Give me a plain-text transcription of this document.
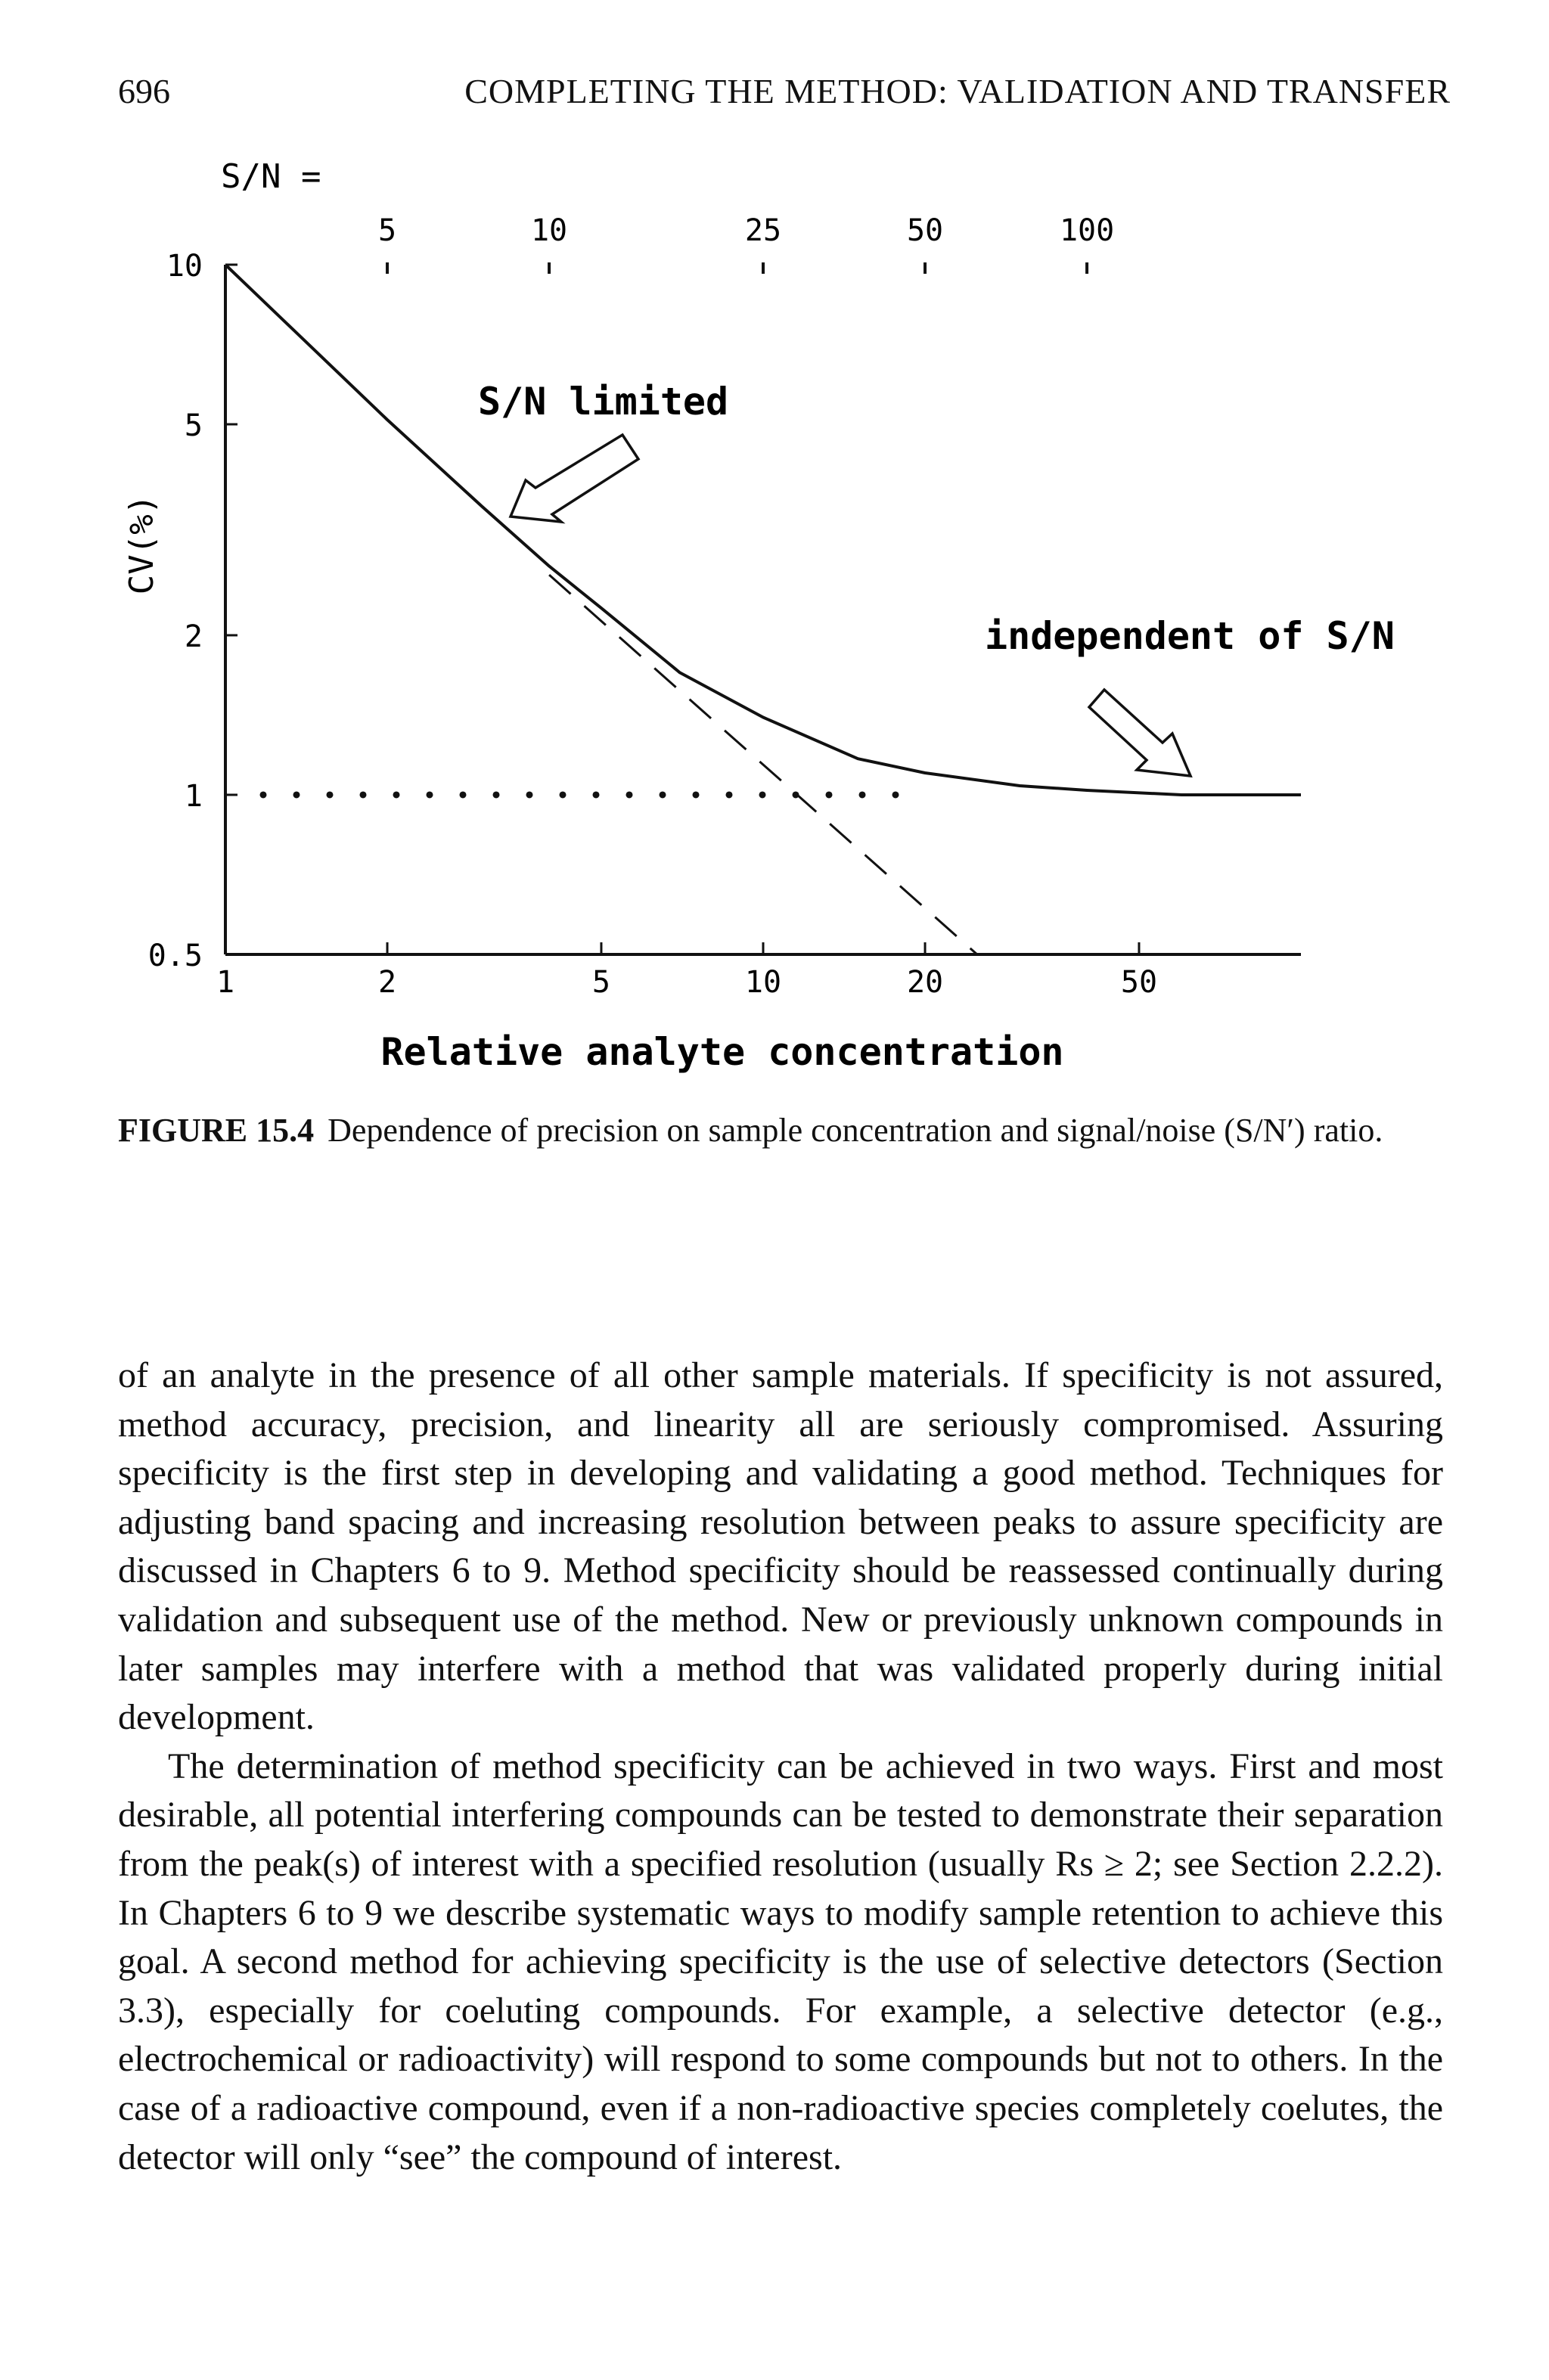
696	COMPLETING THE METHOD: VALIDATION AND TRANSFER
10
5
2
1
0.5
1	2	5	10	20	50
5	10	25	50	100
S/N =
CV(%)
Relative analyte concentration
S/N limited
independent of S/N

FIGURE 15.4 Dependence of precision on sample concentration and signal/noise (S/N′) ratio.

of an analyte in the presence of all other sample materials. If specificity is not assured, method accuracy, precision, and linearity all are seriously compromised. Assuring specificity is the first step in developing and validating a good method. Techniques for adjusting band spacing and increasing resolution between peaks to assure specificity are discussed in Chapters 6 to 9. Method specificity should be reassessed continually during validation and subsequent use of the method. New or previously unknown compounds in later samples may interfere with a method that was validated properly during initial development.

The determination of method specificity can be achieved in two ways. First and most desirable, all potential interfering compounds can be tested to demonstrate their separation from the peak(s) of interest with a specified resolution (usually Rs ≥ 2; see Section 2.2.2). In Chapters 6 to 9 we describe systematic ways to modify sample retention to achieve this goal. A second method for achieving specificity is the use of selective detectors (Section 3.3), especially for coeluting compounds. For example, a selective detector (e.g., electrochemical or radioactivity) will respond to some compounds but not to others. In the case of a radioactive compound, even if a non-radioactive species completely coelutes, the detector will only “see” the compound of interest.
